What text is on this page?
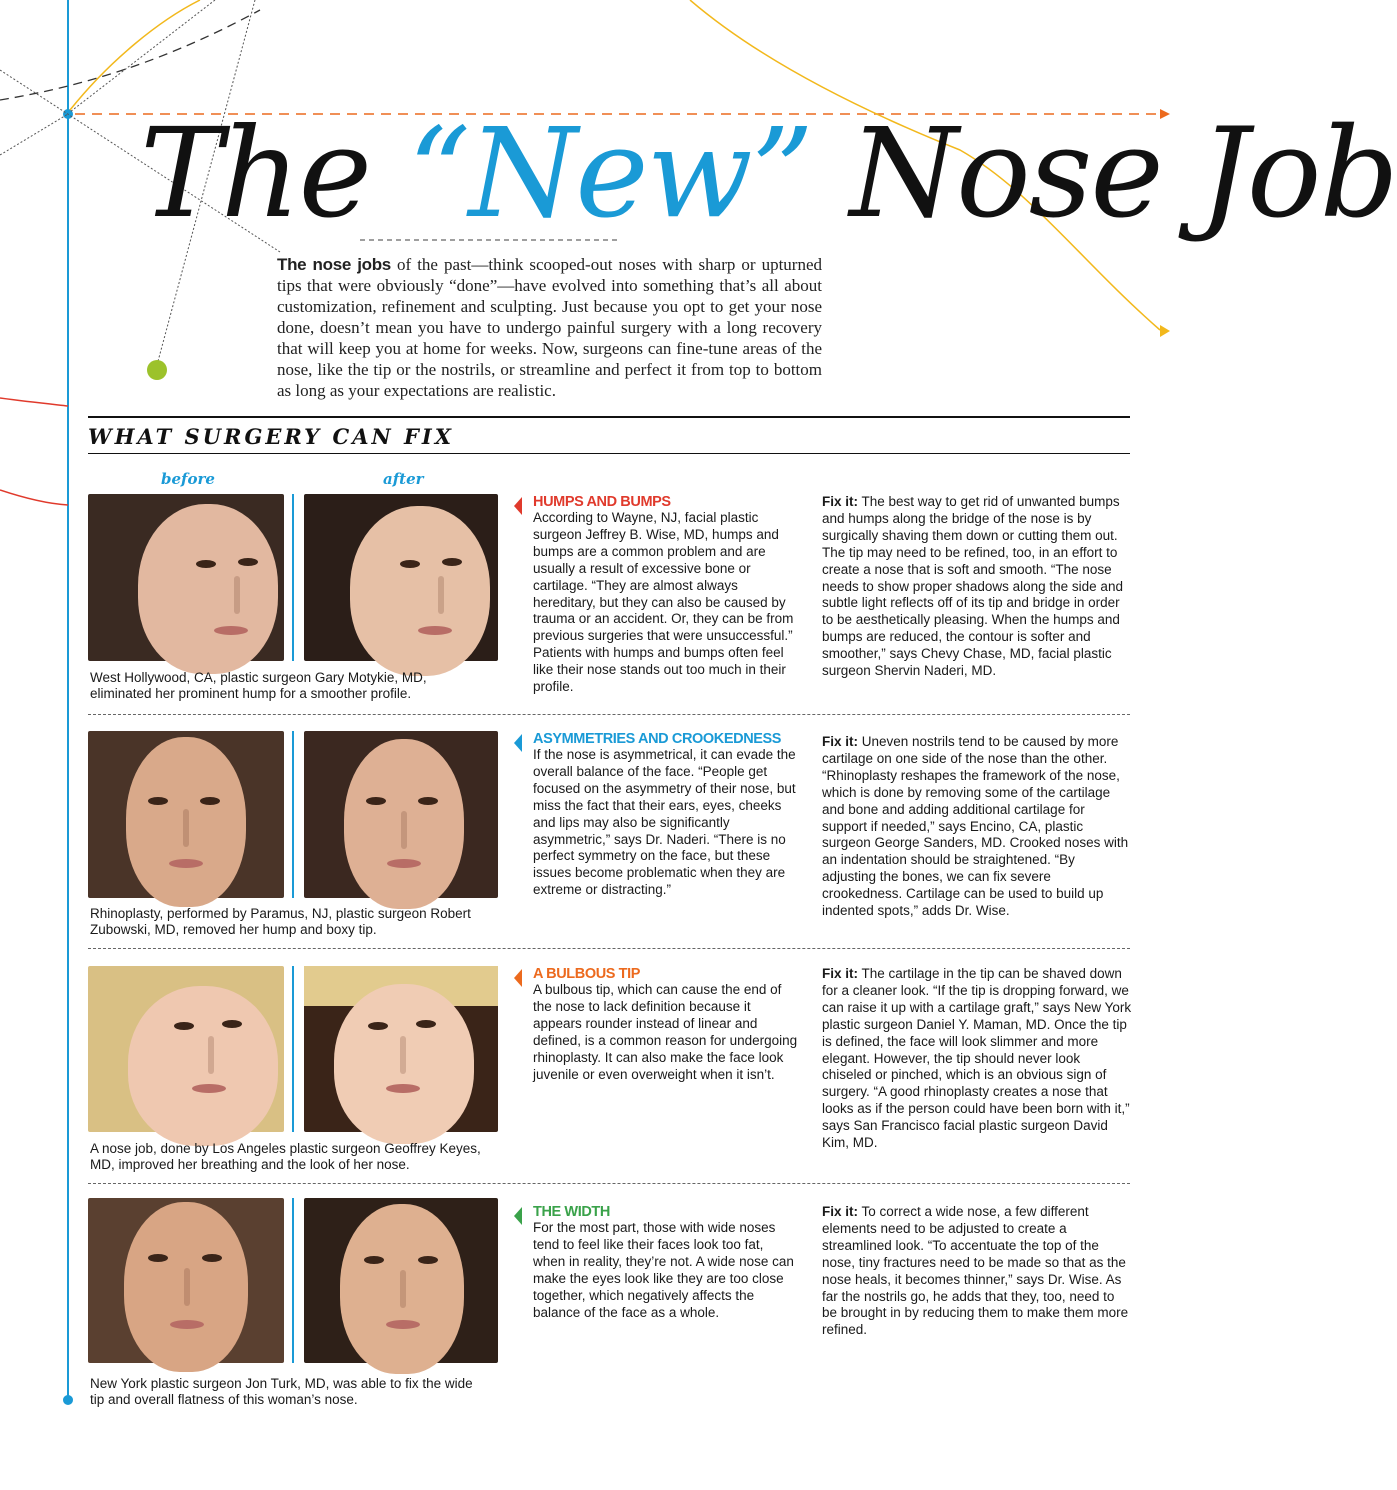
The “New” Nose Job
The nose jobs of the past—think scooped-out noses with sharp or upturned tips that were obviously “done”—have evolved into something that’s all about customization, refinement and sculpting. Just because you opt to get your nose done, doesn’t mean you have to undergo painful surgery with a long recovery that will keep you at home for weeks. Now, surgeons can fine-tune areas of the nose, like the tip or the nostrils, or streamline and perfect it from top to bottom as long as your expectations are realistic.
WHAT SURGERY CAN FIX
before	after
West Hollywood, CA, plastic surgeon Gary Motykie, MD, eliminated her prominent hump for a smoother profile.
HUMPS AND BUMPS
According to Wayne, NJ, facial plastic surgeon Jeffrey B. Wise, MD, humps and bumps are a common problem and are usually a result of excessive bone or cartilage. “They are almost always hereditary, but they can also be caused by trauma or an accident. Or, they can be from previous surgeries that were unsuccessful.” Patients with humps and bumps often feel like their nose stands out too much in their profile.
Fix it: The best way to get rid of unwanted bumps and humps along the bridge of the nose is by surgically shaving them down or cutting them out. The tip may need to be refined, too, in an effort to create a nose that is soft and smooth. “The nose needs to show proper shadows along the side and subtle light reflects off of its tip and bridge in order to be aesthetically pleasing. When the humps and bumps are reduced, the contour is softer and smoother,” says Chevy Chase, MD, facial plastic surgeon Shervin Naderi, MD.
Rhinoplasty, performed by Paramus, NJ, plastic surgeon Robert Zubowski, MD, removed her hump and boxy tip.
ASYMMETRIES AND CROOKEDNESS
If the nose is asymmetrical, it can evade the overall balance of the face. “People get focused on the asymmetry of their nose, but miss the fact that their ears, eyes, cheeks and lips may also be significantly asymmetric,” says Dr. Naderi. “There is no perfect symmetry on the face, but these issues become problematic when they are extreme or distracting.”
Fix it: Uneven nostrils tend to be caused by more cartilage on one side of the nose than the other. “Rhinoplasty reshapes the framework of the nose, which is done by removing some of the cartilage and bone and adding additional cartilage for support if needed,” says Encino, CA, plastic surgeon George Sanders, MD. Crooked noses with an indentation should be straightened. “By adjusting the bones, we can fix severe crookedness. Cartilage can be used to build up indented spots,” adds Dr. Wise.
A nose job, done by Los Angeles plastic surgeon Geoffrey Keyes, MD, improved her breathing and the look of her nose.
A BULBOUS TIP
A bulbous tip, which can cause the end of the nose to lack definition because it appears rounder instead of linear and defined, is a common reason for undergoing rhinoplasty. It can also make the face look juvenile or even overweight when it isn’t.
Fix it: The cartilage in the tip can be shaved down for a cleaner look. “If the tip is dropping forward, we can raise it up with a cartilage graft,” says New York plastic surgeon Daniel Y. Maman, MD. Once the tip is defined, the face will look slimmer and more elegant. However, the tip should never look chiseled or pinched, which is an obvious sign of surgery. “A good rhinoplasty creates a nose that looks as if the person could have been born with it,” says San Francisco facial plastic surgeon David Kim, MD.
New York plastic surgeon Jon Turk, MD, was able to fix the wide tip and overall flatness of this woman’s nose.
THE WIDTH
For the most part, those with wide noses tend to feel like their faces look too fat, when in reality, they’re not. A wide nose can make the eyes look like they are too close together, which negatively affects the balance of the face as a whole.
Fix it: To correct a wide nose, a few different elements need to be adjusted to create a streamlined look. “To accentuate the top of the nose, tiny fractures need to be made so that as the nose heals, it becomes thinner,” says Dr. Wise. As far the nostrils go, he adds that they, too, need to be brought in by reducing them to make them more refined.
